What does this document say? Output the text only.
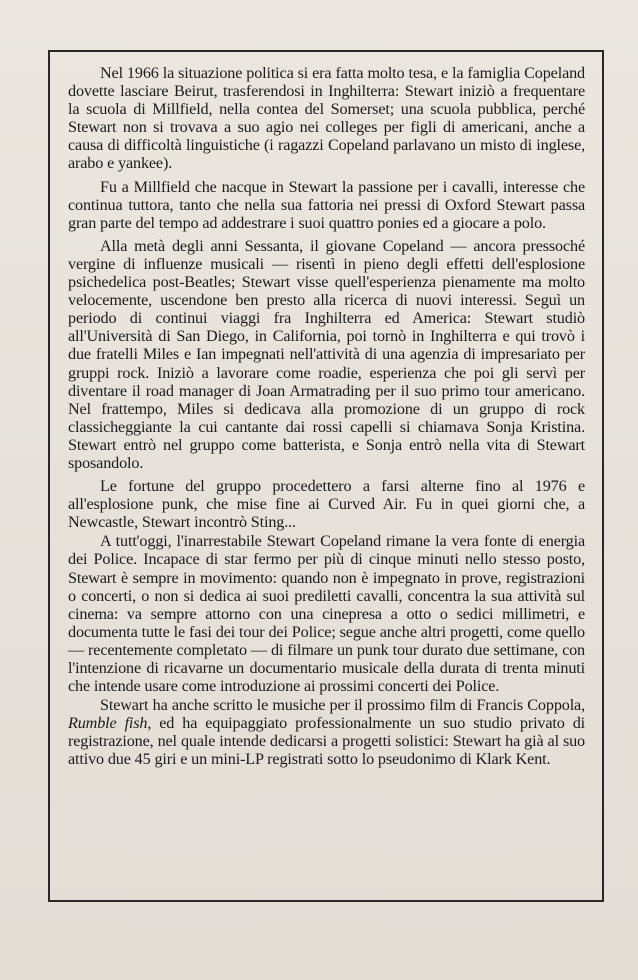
Nel 1966 la situazione politica si era fatta molto tesa, e la famiglia Copeland dovette lasciare Beirut, trasferendosi in Inghilterra: Stewart iniziò a frequentare la scuola di Millfield, nella contea del Somerset; una scuola pubblica, perché Stewart non si trovava a suo agio nei colleges per figli di americani, anche a causa di difficoltà linguistiche (i ragazzi Copeland parlavano un misto di inglese, arabo e yankee).

Fu a Millfield che nacque in Stewart la passione per i cavalli, interesse che continua tuttora, tanto che nella sua fattoria nei pressi di Oxford Stewart passa gran parte del tempo ad addestrare i suoi quattro ponies ed a giocare a polo.

Alla metà degli anni Sessanta, il giovane Copeland — ancora pressoché vergine di influenze musicali — risentì in pieno degli effetti dell'esplosione psichedelica post-Beatles; Stewart visse quell'esperienza pienamente ma molto velocemente, uscendone ben presto alla ricerca di nuovi interessi. Seguì un periodo di continui viaggi fra Inghilterra ed America: Stewart studiò all'Università di San Diego, in California, poi tornò in Inghilterra e qui trovò i due fratelli Miles e Ian impegnati nell'attività di una agenzia di impresariato per gruppi rock. Iniziò a lavorare come roadie, esperienza che poi gli servì per diventare il road manager di Joan Armatrading per il suo primo tour americano. Nel frattempo, Miles si dedicava alla promozione di un gruppo di rock classicheggiante la cui cantante dai rossi capelli si chiamava Sonja Kristina. Stewart entrò nel gruppo come batterista, e Sonja entrò nella vita di Stewart sposandolo.

Le fortune del gruppo procedettero a farsi alterne fino al 1976 e all'esplosione punk, che mise fine ai Curved Air. Fu in quei giorni che, a Newcastle, Stewart incontrò Sting...

A tutt'oggi, l'inarrestabile Stewart Copeland rimane la vera fonte di energia dei Police. Incapace di star fermo per più di cinque minuti nello stesso posto, Stewart è sempre in movimento: quando non è impegnato in prove, registrazioni o concerti, o non si dedica ai suoi prediletti cavalli, concentra la sua attività sul cinema: va sempre attorno con una cinepresa a otto o sedici millimetri, e documenta tutte le fasi dei tour dei Police; segue anche altri progetti, come quello — recentemente completato — di filmare un punk tour durato due settimane, con l'intenzione di ricavarne un documentario musicale della durata di trenta minuti che intende usare come introduzione ai prossimi concerti dei Police.

Stewart ha anche scritto le musiche per il prossimo film di Francis Coppola, Rumble fish, ed ha equipaggiato professionalmente un suo studio privato di registrazione, nel quale intende dedicarsi a progetti solistici: Stewart ha già al suo attivo due 45 giri e un mini-LP registrati sotto lo pseudonimo di Klark Kent.
